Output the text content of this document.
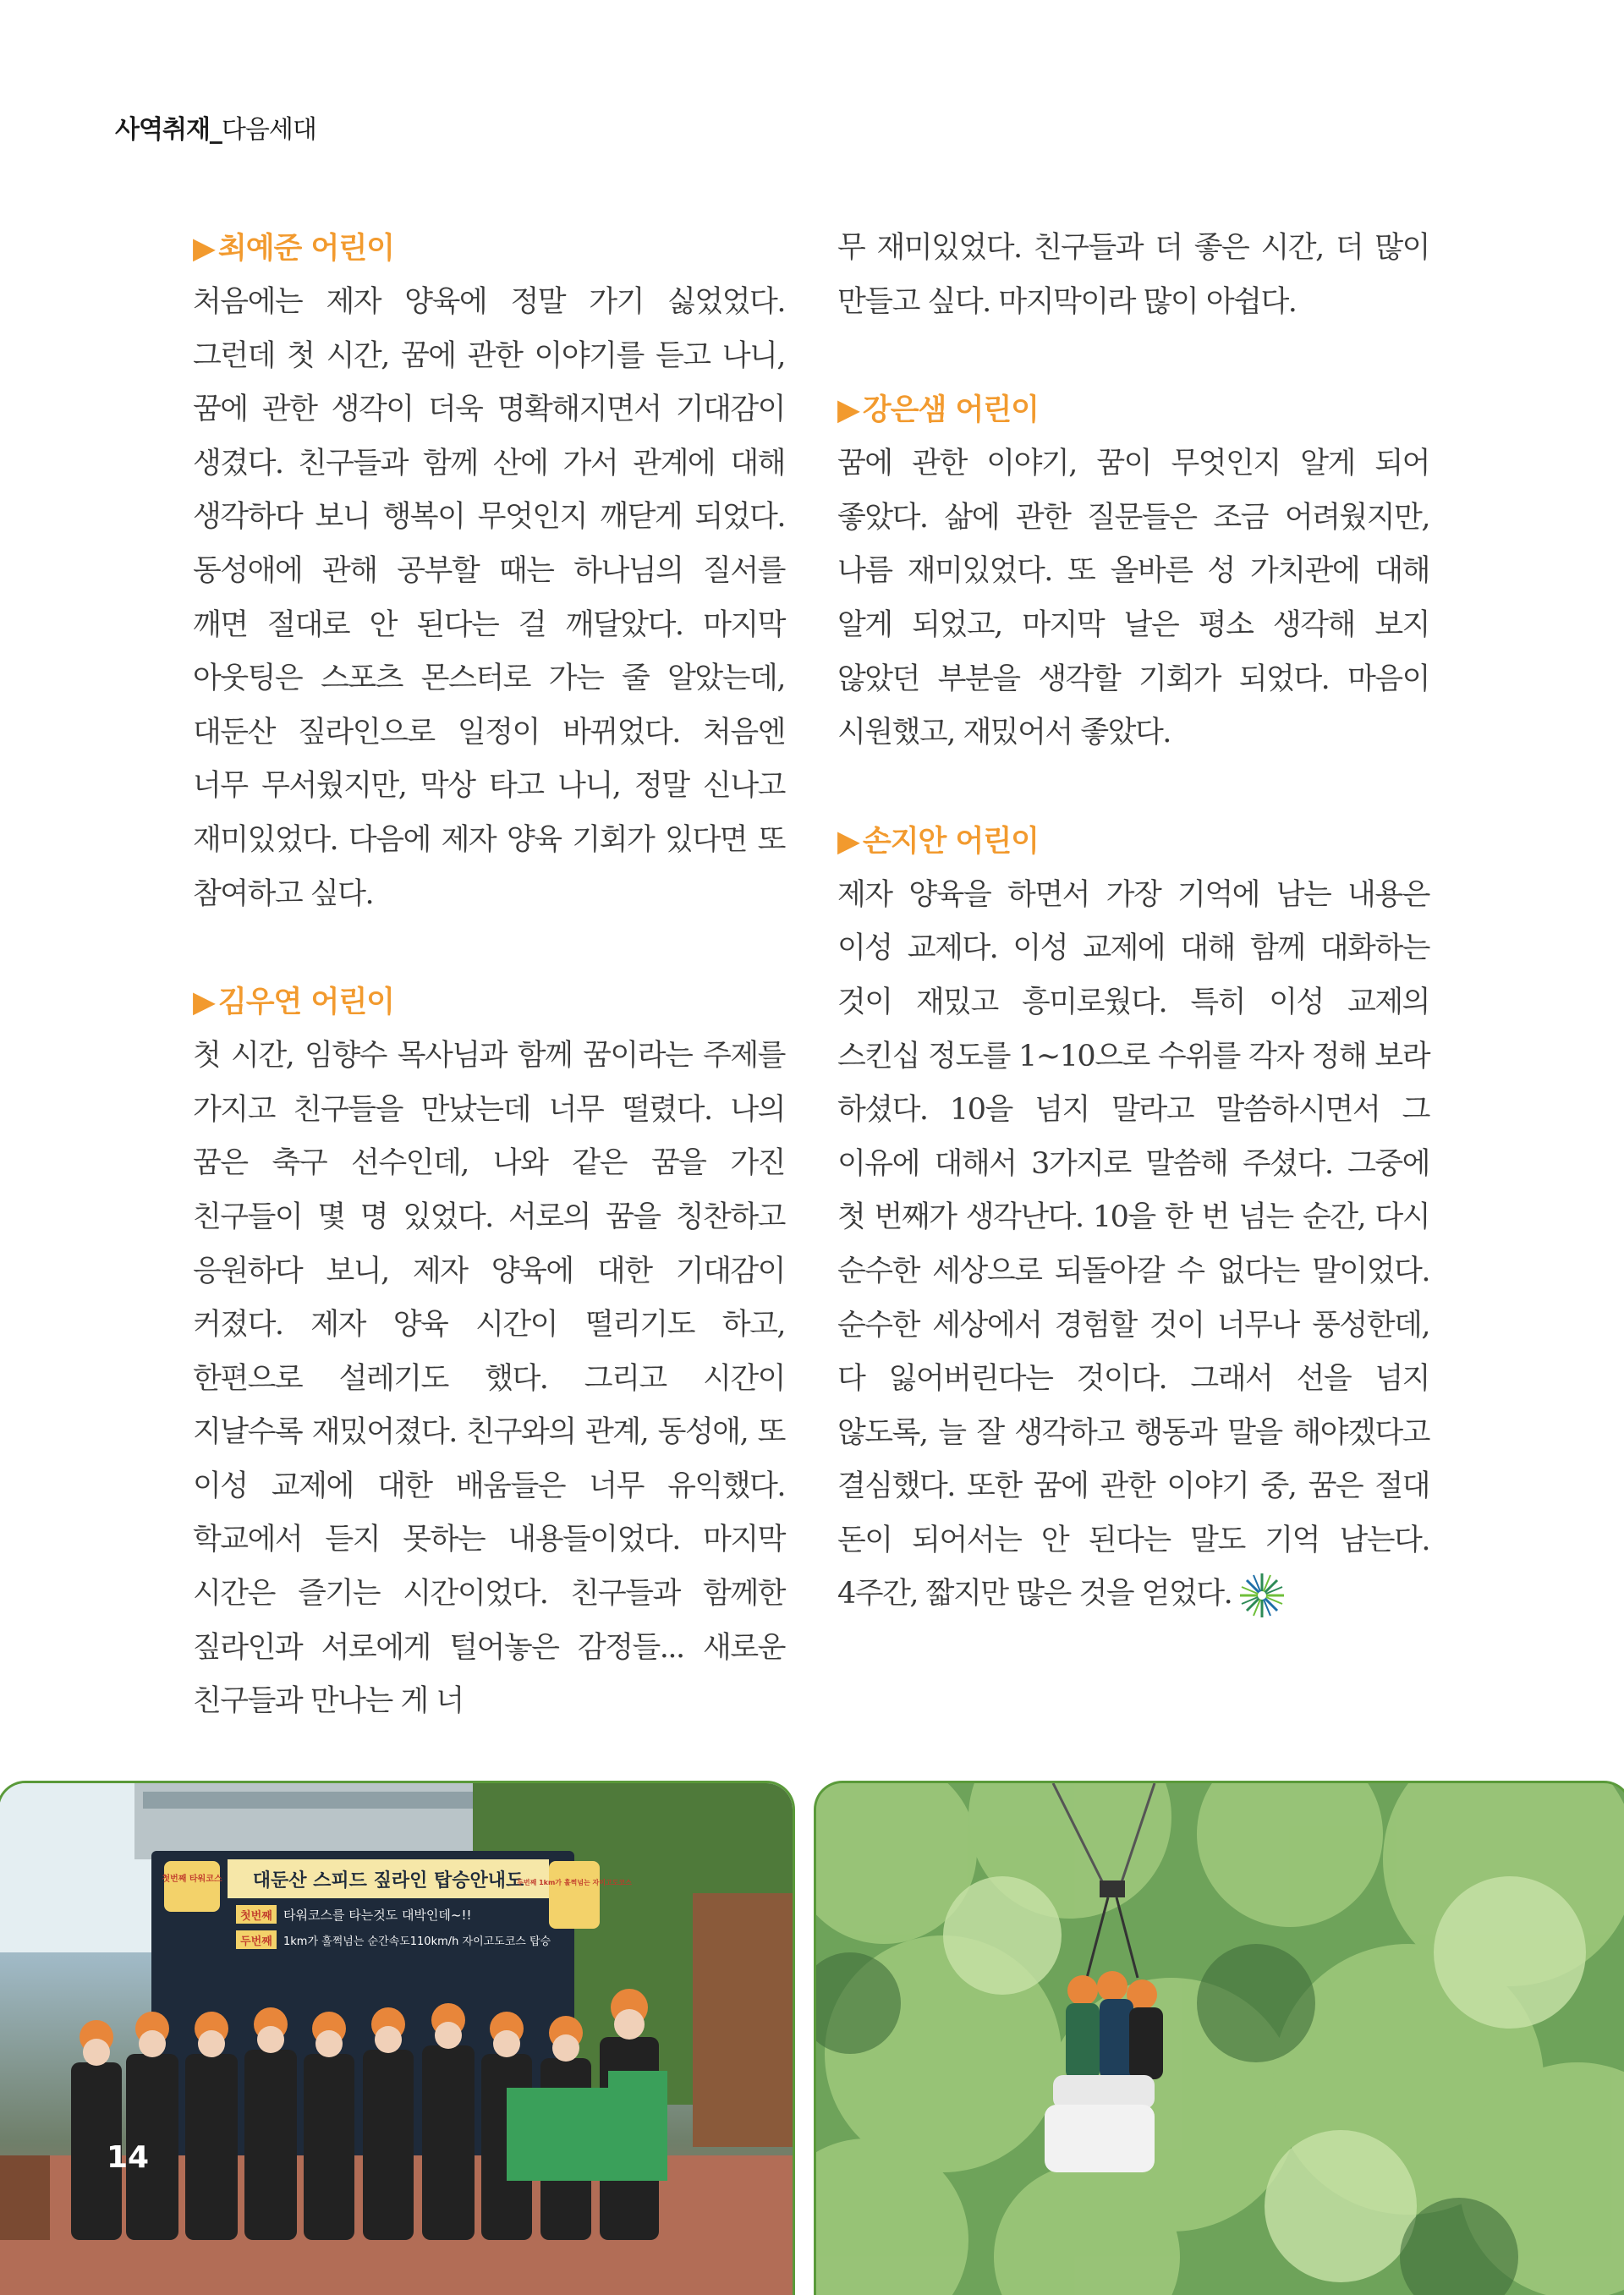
사역취재_다음세대
▶ 최예준 어린이

처음에는 제자 양육에 정말 가기 싫었었다. 그런데 첫 시간, 꿈에 관한 이야기를 듣고 나니, 꿈에 관한 생각이 더욱 명확해지면서 기대감이 생겼다. 친구들과 함께 산에 가서 관계에 대해 생각하다 보니 행복이 무엇인지 깨닫게 되었다. 동성애에 관해 공부할 때는 하나님의 질서를 깨면 절대로 안 된다는 걸 깨달았다. 마지막 아웃팅은 스포츠 몬스터로 가는 줄 알았는데, 대둔산 짚라인으로 일정이 바뀌었다. 처음엔 너무 무서웠지만, 막상 타고 나니, 정말 신나고 재미있었다. 다음에 제자 양육 기회가 있다면 또 참여하고 싶다.

▶ 김우연 어린이

첫 시간, 임향수 목사님과 함께 꿈이라는 주제를 가지고 친구들을 만났는데 너무 떨렸다. 나의 꿈은 축구 선수인데, 나와 같은 꿈을 가진 친구들이 몇 명 있었다. 서로의 꿈을 칭찬하고 응원하다 보니, 제자 양육에 대한 기대감이 커졌다. 제자 양육 시간이 떨리기도 하고, 한편으로 설레기도 했다. 그리고 시간이 지날수록 재밌어졌다. 친구와의 관계, 동성애, 또 이성 교제에 대한 배움들은 너무 유익했다. 학교에서 듣지 못하는 내용들이었다. 마지막 시간은 즐기는 시간이었다. 친구들과 함께한 짚라인과 서로에게 털어놓은 감정들... 새로운 친구들과 만나는 게 너

무 재미있었다. 친구들과 더 좋은 시간, 더 많이 만들고 싶다. 마지막이라 많이 아쉽다.

▶ 강은샘 어린이

꿈에 관한 이야기, 꿈이 무엇인지 알게 되어 좋았다. 삶에 관한 질문들은 조금 어려웠지만, 나름 재미있었다. 또 올바른 성 가치관에 대해 알게 되었고, 마지막 날은 평소 생각해 보지 않았던 부분을 생각할 기회가 되었다. 마음이 시원했고, 재밌어서 좋았다.

▶ 손지안 어린이

제자 양육을 하면서 가장 기억에 남는 내용은 이성 교제다. 이성 교제에 대해 함께 대화하는 것이 재밌고 흥미로웠다. 특히 이성 교제의 스킨십 정도를 1~10으로 수위를 각자 정해 보라 하셨다. 10을 넘지 말라고 말씀하시면서 그 이유에 대해서 3가지로 말씀해 주셨다. 그중에 첫 번째가 생각난다. 10을 한 번 넘는 순간, 다시 순수한 세상으로 되돌아갈 수 없다는 말이었다. 순수한 세상에서 경험할 것이 너무나 풍성한데, 다 잃어버린다는 것이다. 그래서 선을 넘지 않도록, 늘 잘 생각하고 행동과 말을 해야겠다고 결심했다. 또한 꿈에 관한 이야기 중, 꿈은 절대 돈이 되어서는 안 된다는 말도 기억 남는다. 4주간, 짧지만 많은 것을 얻었다.

대둔산 스피드 짚라인 탑승안내도
첫번째 타워코스	두번째 1km가 훌쩍넘는 자이고도코스
첫번째 타워코스를 타는것도 대박인데~!!
두번째 1km가 훌쩍넘는 순간속도110km/h 자이고도코스 탑승
14
